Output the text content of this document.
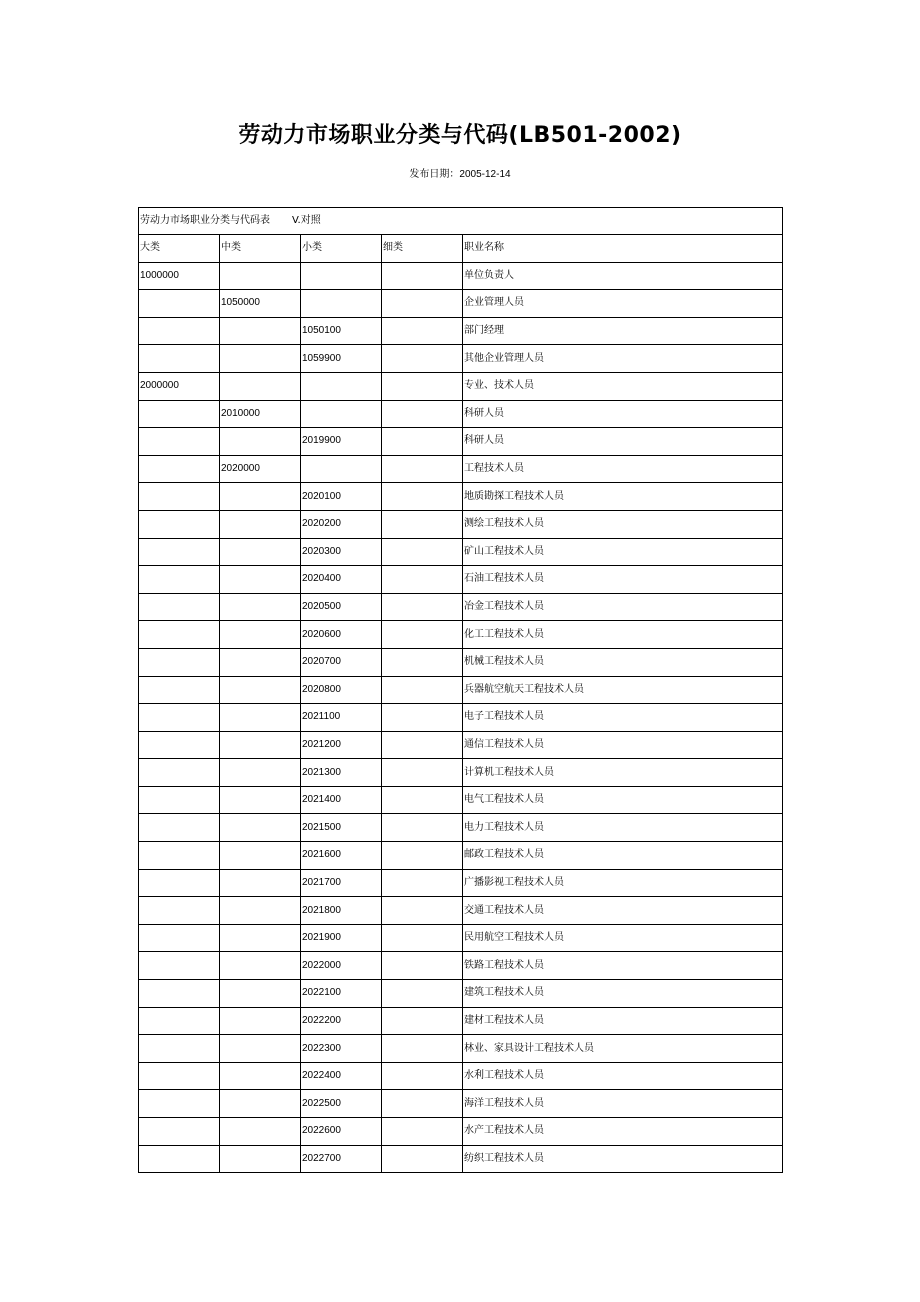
劳动力市场职业分类与代码(LB501-2002)
发布日期：2005-12-14
劳动力市场职业分类与代码表 V.对照				
大类	中类	小类	细类	职业名称
1000000				单位负责人
	1050000			企业管理人员
		1050100		部门经理
		1059900		其他企业管理人员
2000000				专业、技术人员
	2010000			科研人员
		2019900		科研人员
	2020000			工程技术人员
		2020100		地质勘探工程技术人员
		2020200		测绘工程技术人员
		2020300		矿山工程技术人员
		2020400		石油工程技术人员
		2020500		冶金工程技术人员
		2020600		化工工程技术人员
		2020700		机械工程技术人员
		2020800		兵器航空航天工程技术人员
		2021100		电子工程技术人员
		2021200		通信工程技术人员
		2021300		计算机工程技术人员
		2021400		电气工程技术人员
		2021500		电力工程技术人员
		2021600		邮政工程技术人员
		2021700		广播影视工程技术人员
		2021800		交通工程技术人员
		2021900		民用航空工程技术人员
		2022000		铁路工程技术人员
		2022100		建筑工程技术人员
		2022200		建材工程技术人员
		2022300		林业、家具设计工程技术人员
		2022400		水利工程技术人员
		2022500		海洋工程技术人员
		2022600		水产工程技术人员
		2022700		纺织工程技术人员
